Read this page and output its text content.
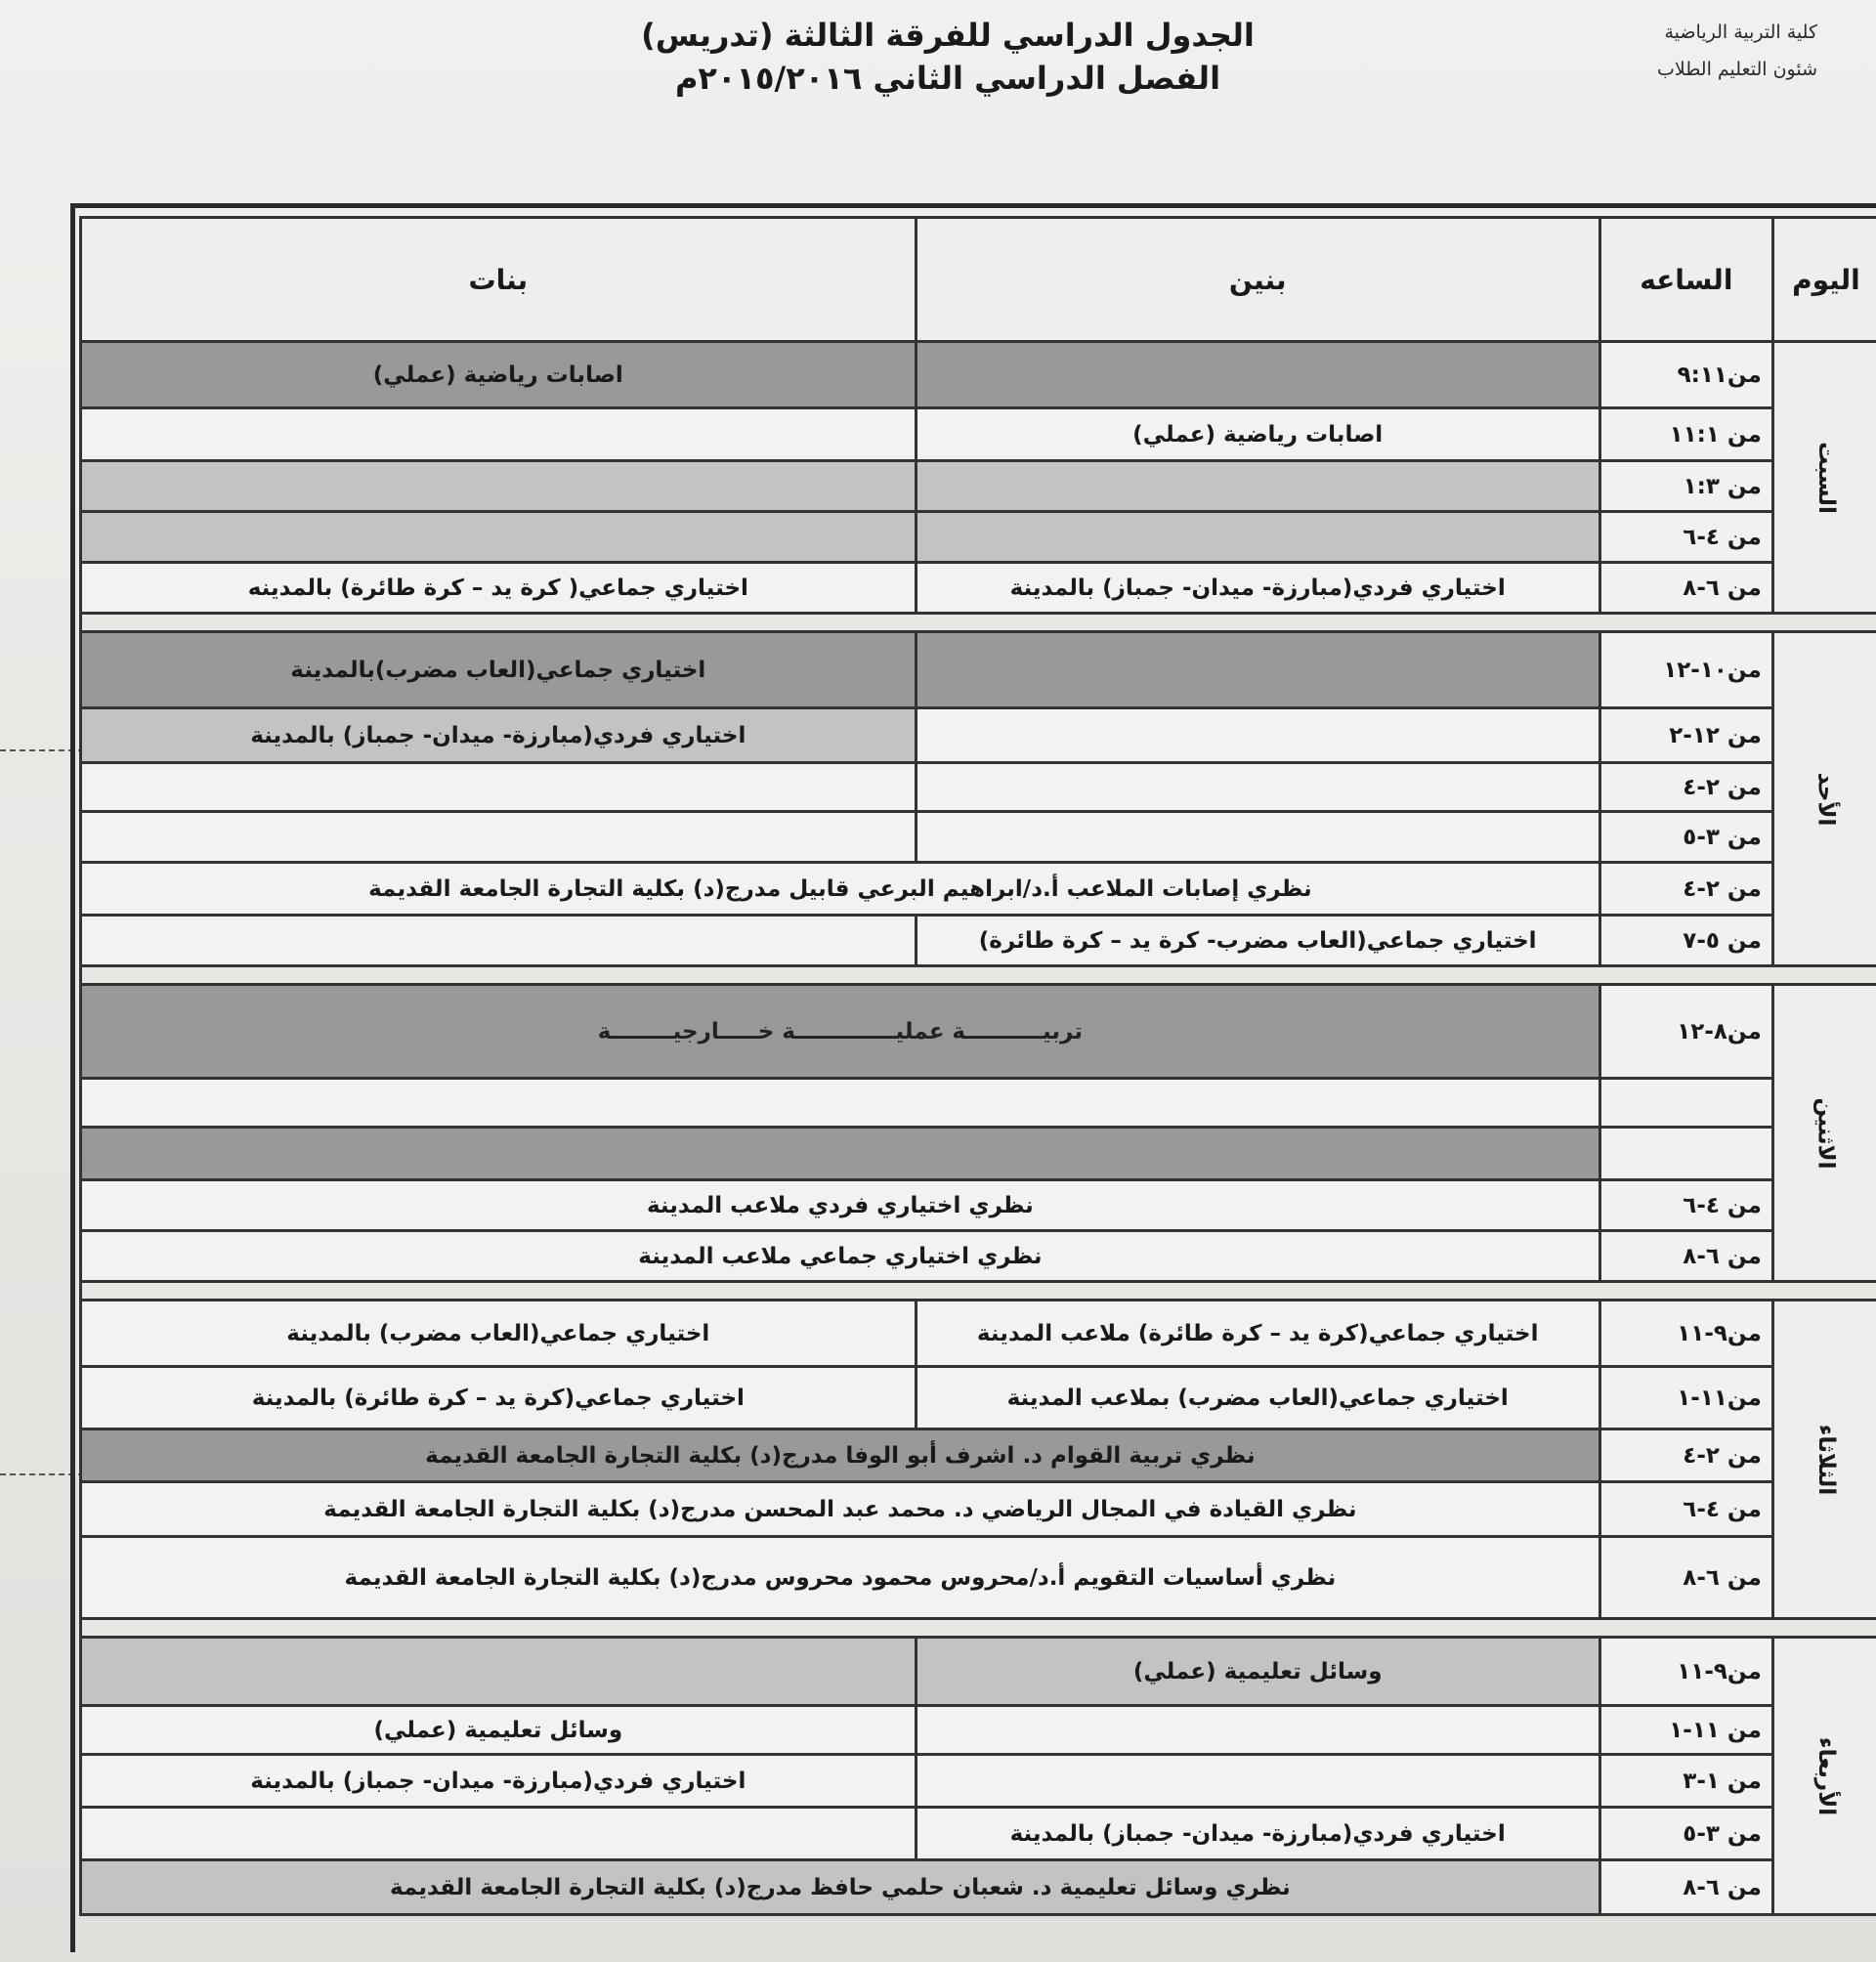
الجدول الدراسي للفرقة الثالثة (تدريس)
الفصل الدراسي الثاني ٢٠١٥/٢٠١٦م
كلية التربية الرياضية
شئون التعليم الطلاب
اليوم	الساعه	بنين	بنات
السبت	من٩:١١		اصابات رياضية (عملي)
	من ١١:١	اصابات رياضية (عملي)	
	من ١:٣		
	من ٤-٦		
	من ٦-٨	اختياري فردي(مبارزة- ميدان- جمباز) بالمدينة	اختياري جماعي( كرة يد – كرة طائرة) بالمدينه

الأحد	من١٠-١٢		اختياري جماعي(العاب مضرب)بالمدينة
	من ١٢-٢		اختياري فردي(مبارزة- ميدان- جمباز) بالمدينة
	من ٢-٤		
	من ٣-٥		
	من ٢-٤	نظري إصابات الملاعب أ.د/ابراهيم البرعي قابيل مدرج(د) بكلية التجارة الجامعة القديمة	
	من ٥-٧	اختياري جماعي(العاب مضرب- كرة يد – كرة طائرة)	

الاثنين	من٨-١٢	تربيــــــــــة عمليـــــــــــــة خـــــارجيــــــــة	

	من ٤-٦	نظري اختياري فردي ملاعب المدينة	
	من ٦-٨	نظري اختياري جماعي ملاعب المدينة	

الثلاثاء	من٩-١١	اختياري جماعي(كرة يد – كرة طائرة) ملاعب المدينة	اختياري جماعي(العاب مضرب) بالمدينة
	من١١-١	اختياري جماعي(العاب مضرب) بملاعب المدينة	اختياري جماعي(كرة يد – كرة طائرة) بالمدينة
	من ٢-٤	نظري تربية القوام د. اشرف أبو الوفا مدرج(د) بكلية التجارة الجامعة القديمة	
	من ٤-٦	نظري القيادة في المجال الرياضي د. محمد عبد المحسن مدرج(د) بكلية التجارة الجامعة القديمة	
	من ٦-٨	نظري أساسيات التقويم أ.د/محروس محمود محروس مدرج(د) بكلية التجارة الجامعة القديمة	

الأربعاء	من٩-١١	وسائل تعليمية (عملي)	
	من ١١-١		وسائل تعليمية (عملي)
	من ١-٣		اختياري فردي(مبارزة- ميدان- جمباز) بالمدينة
	من ٣-٥	اختياري فردي(مبارزة- ميدان- جمباز) بالمدينة	
	من ٦-٨	نظري وسائل تعليمية د. شعبان حلمي حافظ مدرج(د) بكلية التجارة الجامعة القديمة	
